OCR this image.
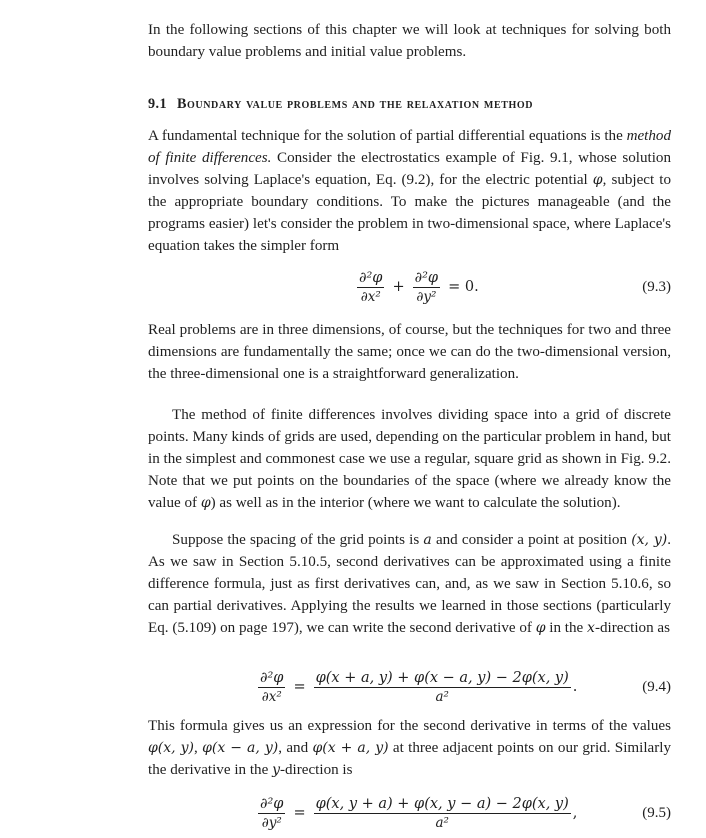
In the following sections of this chapter we will look at techniques for solving both boundary value problems and initial value problems.

9.1 Boundary value problems and the relaxation method

A fundamental technique for the solution of partial differential equations is the method of finite differences. Consider the electrostatics example of Fig. 9.1, whose solution involves solving Laplace's equation, Eq. (9.2), for the electric potential φ, subject to the appropriate boundary conditions. To make the pictures manageable (and the programs easier) let's consider the problem in two-dimensional space, where Laplace's equation takes the simpler form

$\frac{\text{∂²φ}}{\text{∂x²}} + \frac{\text{∂²φ}}{\text{∂y²}} = 0$.	(9.3)

Real problems are in three dimensions, of course, but the techniques for two and three dimensions are fundamentally the same; once we can do the two-dimensional version, the three-dimensional one is a straightforward generalization.

The method of finite differences involves dividing space into a grid of discrete points. Many kinds of grids are used, depending on the particular problem in hand, but in the simplest and commonest case we use a regular, square grid as shown in Fig. 9.2. Note that we put points on the boundaries of the space (where we already know the value of φ) as well as in the interior (where we want to calculate the solution).

Suppose the spacing of the grid points is a and consider a point at position (x, y). As we saw in Section 5.10.5, second derivatives can be approximated using a finite difference formula, just as first derivatives can, and, as we saw in Section 5.10.6, so can partial derivatives. Applying the results we learned in those sections (particularly Eq. (5.109) on page 197), we can write the second derivative of φ in the x-direction as

$\frac{\text{∂²φ}}{\text{∂x²}} = \frac{\varphi(x + a, y) + \varphi(x - a, y) - 2\varphi(x, y)}{\text{a²}}$ .	(9.4)

This formula gives us an expression for the second derivative in terms of the values φ(x, y), φ(x − a, y), and φ(x + a, y) at three adjacent points on our grid. Similarly the derivative in the y-direction is

$\frac{\text{∂²φ}}{\text{∂y²}} = \frac{\varphi(x, y + a) + \varphi(x, y - a) - 2\varphi(x, y)}{\text{a²}}$ ,	(9.5)
